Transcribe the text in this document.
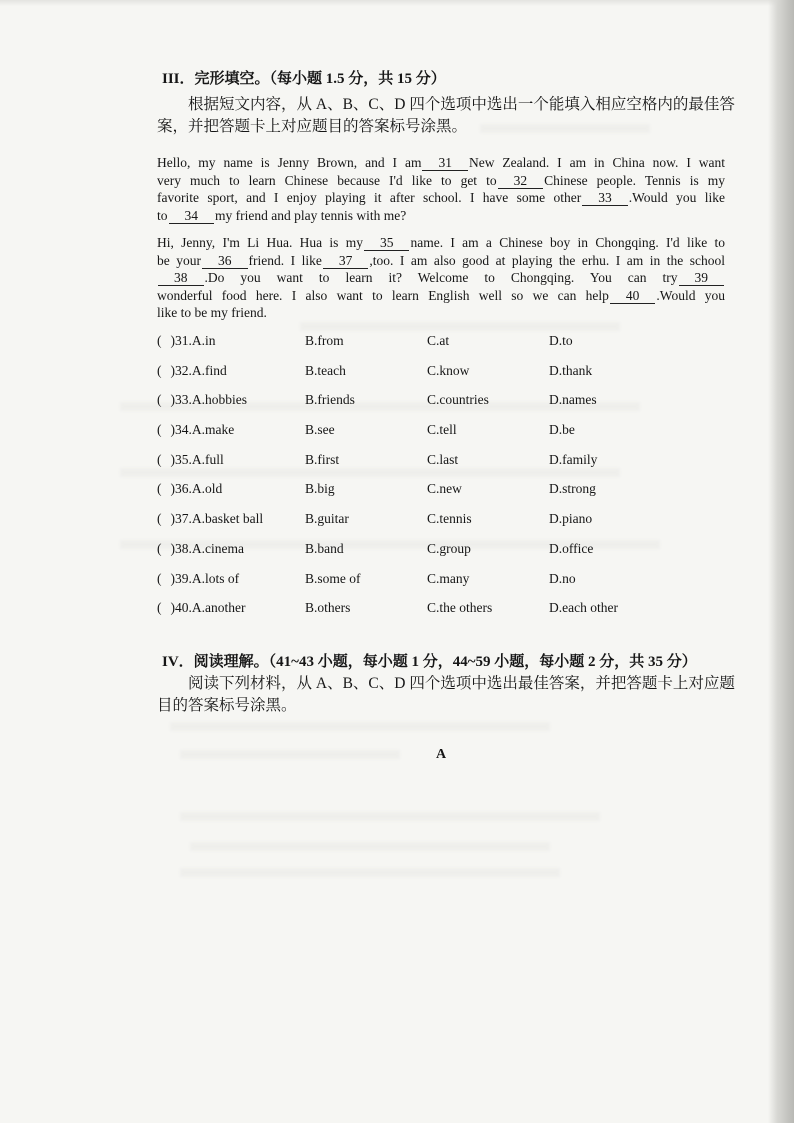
III．完形填空。（每小题 1.5 分，共 15 分）
根据短文内容，从 A、B、C、D 四个选项中选出一个能填入相应空格内的最佳答
案，并把答题卡上对应题目的答案标号涂黑。
Hello, my name is Jenny Brown, and I am 31 New Zealand. I am in China now. I want
very much to learn Chinese because I'd like to get to 32 Chinese people. Tennis is my
favorite sport, and I enjoy playing it after school. I have some other 33 .Would you like
to 34 my friend and play tennis with me?
Hi, Jenny, I'm Li Hua. Hua is my 35 name. I am a Chinese boy in Chongqing. I'd like to
be your 36 friend. I like 37 ,too. I am also good at playing the erhu. I am in the school
38 .Do you want to learn it? Welcome to Chongqing. You can try 39
wonderful food here. I also want to learn English well so we can help 40 .Would you
like to be my friend.
( )31.A.in	B.from	C.at	D.to
( )32.A.find	B.teach	C.know	D.thank
( )33.A.hobbies	B.friends	C.countries	D.names
( )34.A.make	B.see	C.tell	D.be
( )35.A.full	B.first	C.last	D.family
( )36.A.old	B.big	C.new	D.strong
( )37.A.basket ball	B.guitar	C.tennis	D.piano
( )38.A.cinema	B.band	C.group	D.office
( )39.A.lots of	B.some of	C.many	D.no
( )40.A.another	B.others	C.the others	D.each other
IV．阅读理解。（41~43 小题，每小题 1 分，44~59 小题，每小题 2 分，共 35 分）
阅读下列材料，从 A、B、C、D 四个选项中选出最佳答案，并把答题卡上对应题
目的答案标号涂黑。
A
